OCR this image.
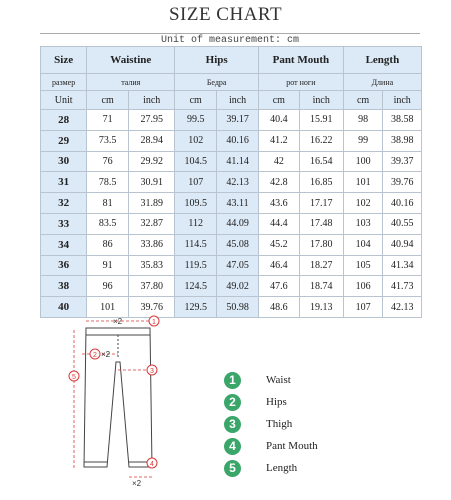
SIZE CHART
Unit of measurement: cm
Size	Waistine		Hips		Pant Mouth		Length	
размер	талия		Бедра		рот ноги		Длина	
Unit	cm	inch	cm	inch	cm	inch	cm	inch
28	71	27.95	99.5	39.17	40.4	15.91	98	38.58
29	73.5	28.94	102	40.16	41.2	16.22	99	38.98
30	76	29.92	104.5	41.14	42	16.54	100	39.37
31	78.5	30.91	107	42.13	42.8	16.85	101	39.76
32	81	31.89	109.5	43.11	43.6	17.17	102	40.16
33	83.5	32.87	112	44.09	44.4	17.48	103	40.55
34	86	33.86	114.5	45.08	45.2	17.80	104	40.94
36	91	35.83	119.5	47.05	46.4	18.27	105	41.34
38	96	37.80	124.5	49.02	47.6	18.74	106	41.73
40	101	39.76	129.5	50.98	48.6	19.13	107	42.13
×2
×2
×2
1
2
3
4
5	1	Waist
2	Hips
3	Thigh
4	Pant Mouth
5	Length
